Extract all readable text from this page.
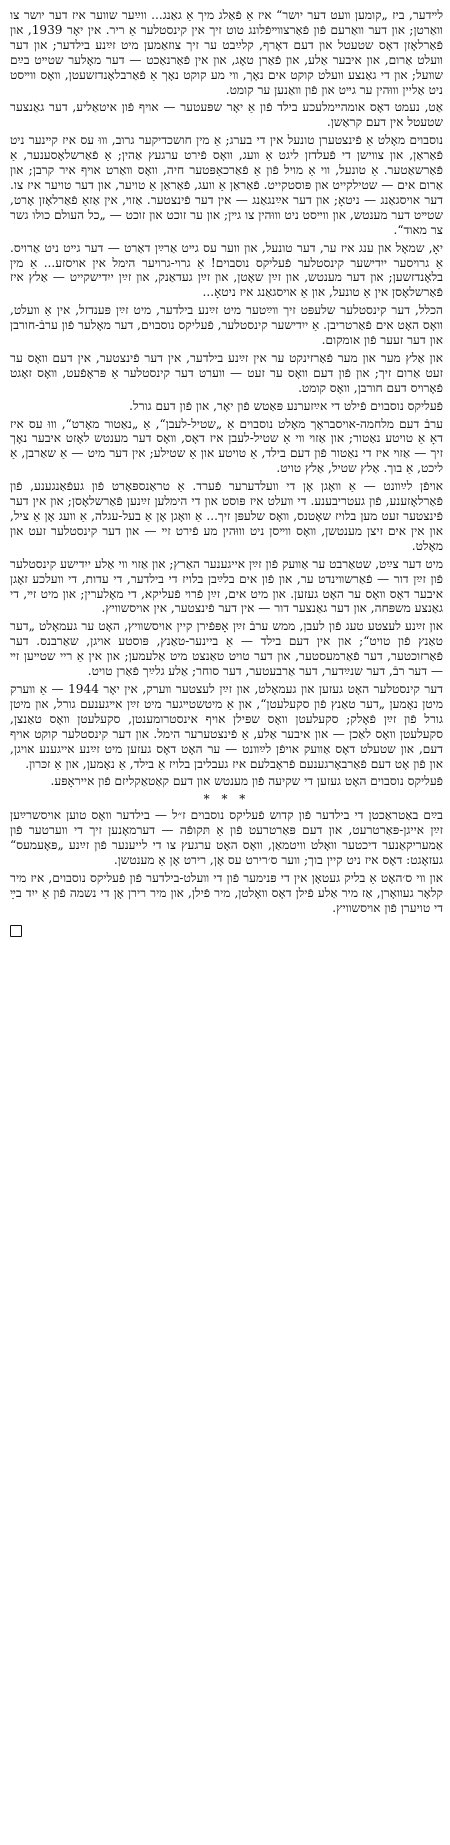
לײדער, ביז „קומען װעט דער יושר“ איז אַ פֿאַלג מיך אַ גאַנג... װײַער שװער איז דער יושר צו װאַרטן; און דער װאַרעם פֿון פֿאַרצװײפֿלונג טוט זיך אין קינסטלער אַ ריר. אין יאָר 1939, און פֿאַרלאָזן דאָס שטעטל און דעם דאָרף, קלײַבט ער זיך צוזאַמען מיט זײַנע בילדער; און דער װעלט אַרום, און איבער אַלע, און פֿאַרן טאָג, און אין פֿאַרנאַכט — דער מאָלער שטײט בײַם שװעל; און די גאַנצע װעלט קוקט אים נאָך, װי מע קוקט נאָך אַ פֿאַרבלאָנדזשעטן, װאָס װײסט ניט אַליין װוּהין ער גײט און פֿון װאַנען ער קומט.

אַט, נעמט דאָס אומהײמלעכע בילד פֿון אַ יאָר שפּעטער — אויף פֿון איטאַליע, דער גאַנצער שטעטל אין דעם קראַשן.

נוסבוים מאָלט אַ פֿינצטערן טונעל אין די בערג; אַ מין חושכדיקער גרוב, װוּ עס איז קײנער ניט פֿאַראַן, און צװישן די פֿעלדזן ליגט אַ װעג, װאָס פֿירט ערגעץ אַהין; אַ פֿאַרשלאָסענער, אַ פֿאַרשאַטער. אַ טונעל, װי אַ מויל פֿון אַ פֿאַרכאַפּטער חיה, װאָס װאַרט אויף איר קרבן; און אַרום אים — שטילקייט און פּוסטקייט. פֿאַראַן אַ װעג, פֿאַראַן אַ טויער, און דער טויער איז צו. דער אויסגאַנג — ניטאָ; און דער אײַנגאַנג — אין דער פֿינצטער. אַזױ, אין אַזאַ פֿאַרלאָזן אָרט, שטײט דער מענטש, און װײסט ניט װוּהין צו גײן; און ער זוכט און זוכט — „כל העולם כולו גשר צר מאוד“.

יאָ, שמאָל און ענג איז ער, דער טונעל, און װער עס גײט אַרײַן דאַרט — דער גײט ניט אַרויס. אַ גרױסער ייִדישער קינסטלער פֿעליקס נוסבוים! אַ גרױ-גרױער הימל אין אויסזע... אַ מין בלאָנדזשען; און דער מענטש, און זײַן שאָטן, און זײַן געדאַנק, און זײַן ייִדישקייט — אַלץ איז פֿאַרשלאָסן אין אַ טונעל, און אַ אויסגאַנג איז ניטאָ...

הכלל, דער קינסטלער שלעפּט זיך װײַטער מיט זײַנע בילדער, מיט זײַן פּענדזל, אין אַ װעלט, װאָס האָט אים פֿאַרטריבן. אַ ייִדישער קינסטלער, פֿעליקס נוסבוים, דער מאָלער פֿון ערבֿ-חורבן און דער זעער פֿון אומקום.

און אַלץ מער און מער פֿאַרזינקט ער אין זײַנע בילדער, אין דער פֿינצטער, אין דעם װאָס ער זעט אַרום זיך; און פֿון דעם װאָס ער זעט — װערט דער קינסטלער אַ פּראָפֿעט, װאָס זאָגט פֿאָרױס דעם חורבן, װאָס קומט.

פֿעליקס נוסבוים פֿילט די אײַזערנע פּאַטש פֿון יאָר, און פֿון דעם גורל.

ערבֿ דעם מלחמה-אויסבראָך מאָלט נוסבוים אַ „שטיל-לעבן“, אַ „נאַטור מאָרט“, װוּ עס איז דאָ אַ טויטע נאַטור; און אַזױ װי אַ שטיל-לעבן איז דאָס, װאָס דער מענטש לאָזט איבער נאָך זיך — אַזױ איז די נאַטור פֿון דעם בילד, אַ טויטע און אַ שטילע; אין דער מיט — אַ שאַרבן, אַ ליכט, אַ בוך. אַלץ שטיל, אַלץ טויט.

אויפֿן לײַװנט — אַ װאָגן אָן די װעלדערער פֿערד. אַ טראַנספּאָרט פֿון געפֿאַנגענע, פֿון פֿאַרלאָזענע, פֿון געטריבענע. די װעלט איז פּוסט און די הימלען זײַנען פֿאַרשלאָסן; און אין דער פֿינצטער זעט מען בלויז שאָטנס, װאָס שלעפּן זיך... אַ װאָגן אָן אַ בעל-עגלה, אַ װעג אָן אַ ציל, און אין אים זיצן מענטשן, װאָס װײסן ניט װוּהין מע פֿירט זײ — און דער קינסטלער זעט און מאָלט.

מיט דער צײַט, שטאַרבט ער אַװעק פֿון זײַן אייגענער האַרץ; און אַזױ װי אַלע ייִדישע קינסטלער פֿון זײַן דור — פֿאַרשװינדט ער, און פֿון אים בלײַבן בלויז די בילדער, די עדות, די װעלכע זאָגן איבער דאָס װאָס ער האָט געזען. און מיט אים, זײַן פֿרױ פֿעליקא, די מאָלערין; און מיט זײ, די גאַנצע משפּחה, און דער גאַנצער דור — אין דער פֿינצטער, אין אויסשװיץ.

און זײַנע לעצטע טעג פֿון לעבן, ממש ערבֿ זײַן אָפּפֿירן קיין אויסשװיץ, האָט ער געמאָלט „דער טאַנץ פֿון טויט“; און אין דעם בילד — אַ ביינער-טאַנץ, פּוסטע אויגן, שאַרבנס. דער פֿאַרזוכטער, דער פֿאַרמעסטער, און דער טויט טאַנצט מיט אַלעמען; און אין אַ ריי שטײען זײ — דער רבֿ, דער שנײַדער, דער אַרבעטער, דער סוחר; אַלע גלײַך פֿאַרן טויט.

דער קינסטלער האָט געזען און געמאָלט, און זײַן לעצטער װערק, אין יאָר 1944 — אַ װערק מיטן נאָמען „דער טאַנץ פֿון סקעלעטן“, און אַ מיטשטײגער מיט זײַן אײגענעם גורל, און מיטן גורל פֿון זײַן פֿאָלק; סקעלעטן װאָס שפּילן אויף אינסטרומענטן, סקעלעטן װאָס טאַנצן, סקעלעטן װאָס לאַכן — און איבער אַלע, אַ פֿינצטערער הימל. און דער קינסטלער קוקט אויף דעם, און שטעלט דאָס אַװעק אויפֿן לײַװנט — ער האָט דאָס געזען מיט זײַנע אייגענע אויגן, און פֿון אָט דעם פֿאַרבאָרגענעם פֿראָבלעם איז געבליבן בלויז אַ בילד, אַ נאָמען, און אַ זכּרון.

פֿעליקס נוסבוים האָט געזען די שקיעה פֿון מענטש און דעם קאַטאַקליזם פֿון אייראָפּע.

* * *

בײַם באַטראַכטן די בילדער פֿון קדוש פֿעליקס נוסבוים ז״ל — בילדער װאָס טוען אויסשרײַען זײַן אייגן-פּאַרטרעט, און דעם פּאַרטרעט פֿון אַ תּקופֿה — דערמאָנען זיך די װערטער פֿון אַמעריקאַנער דיכטער װאָלט װיטמאַן, װאָס האָט ערגעץ צו די לייענער פֿון זײַנע „פּאָעמעס“ געזאָגט: דאָס איז ניט קיין בוך; װער ס׳רירט עס אָן, רירט אָן אַ מענטשן.

און װי ס׳האָט אַ בליק געטאָן אין די פּנימער פֿון די װעלט-בילדער פֿון פֿעליקס נוסבוים, איז מיר קלאָר געװאָרן, אַז מיר אַלע פֿילן דאָס װאָלטן, מיר פֿילן, און מיר רירן אָן די נשמה פֿון אַ ייִד בײַ די טויערן פֿון אויסשװיץ.
